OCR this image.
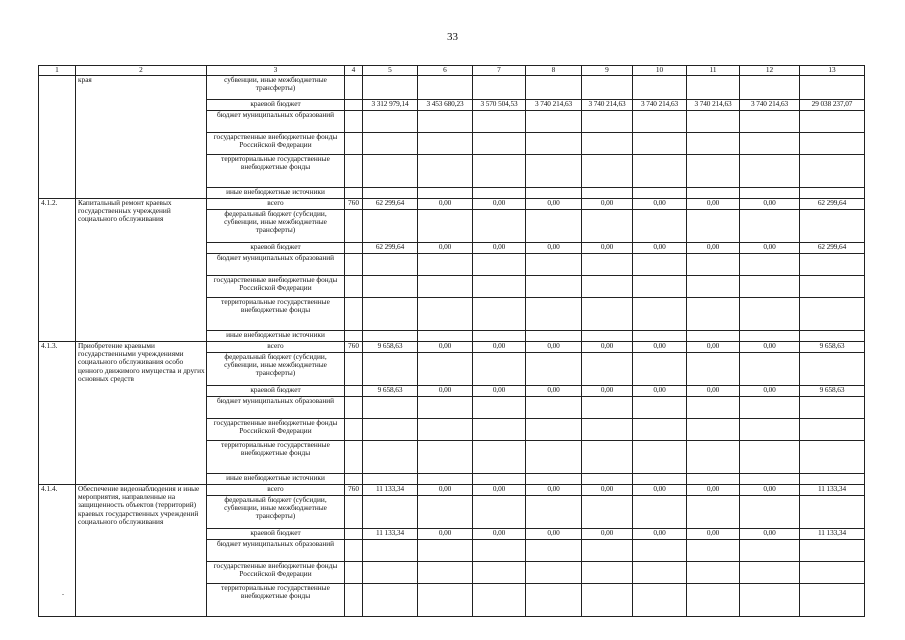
33
1	2	3	4	5	6	7	8	9	10	11	12	13
	края	субвенции, иные межбюджетные трансферты)										
		краевой бюджет		3 312 979,14	3 453 680,23	3 570 504,53	3 740 214,63	3 740 214,63	3 740 214,63	3 740 214,63	3 740 214,63	29 038 237,07
		бюджет муниципальных образований										
		государственные внебюджетные фонды Российской Федерации										
		территориальные государственные внебюджетные фонды										
		иные внебюджетные источники										
4.1.2.	Капитальный ремонт краевых государственных учреждений социального обслуживания	всего	760	62 299,64	0,00	0,00	0,00	0,00	0,00	0,00	0,00	62 299,64
		федеральный бюджет (субсидии, субвенции, иные межбюджетные трансферты)										
		краевой бюджет		62 299,64	0,00	0,00	0,00	0,00	0,00	0,00	0,00	62 299,64
		бюджет муниципальных образований										
		государственные внебюджетные фонды Российской Федерации										
		территориальные государственные внебюджетные фонды										
		иные внебюджетные источники										
4.1.3.	Приобретение краевыми государственными учреждениями социального обслуживания особо ценного движимого имущества и других основных средств	всего	760	9 658,63	0,00	0,00	0,00	0,00	0,00	0,00	0,00	9 658,63
		федеральный бюджет (субсидии, субвенции, иные межбюджетные трансферты)										
		краевой бюджет		9 658,63	0,00	0,00	0,00	0,00	0,00	0,00	0,00	9 658,63
		бюджет муниципальных образований										
		государственные внебюджетные фонды Российской Федерации										
		территориальные государственные внебюджетные фонды										
		иные внебюджетные источники										
4.1.4.	Обеспечение видеонаблюдения и иные мероприятия, направленные на защищенность объектов (территорий) краевых государственных учреждений социального обслуживания	всего	760	11 133,34	0,00	0,00	0,00	0,00	0,00	0,00	0,00	11 133,34
		федеральный бюджет (субсидии, субвенции, иные межбюджетные трансферты)										
		краевой бюджет		11 133,34	0,00	0,00	0,00	0,00	0,00	0,00	0,00	11 133,34
		бюджет муниципальных образований										
		государственные внебюджетные фонды Российской Федерации										
		территориальные государственные внебюджетные фонды										
.
